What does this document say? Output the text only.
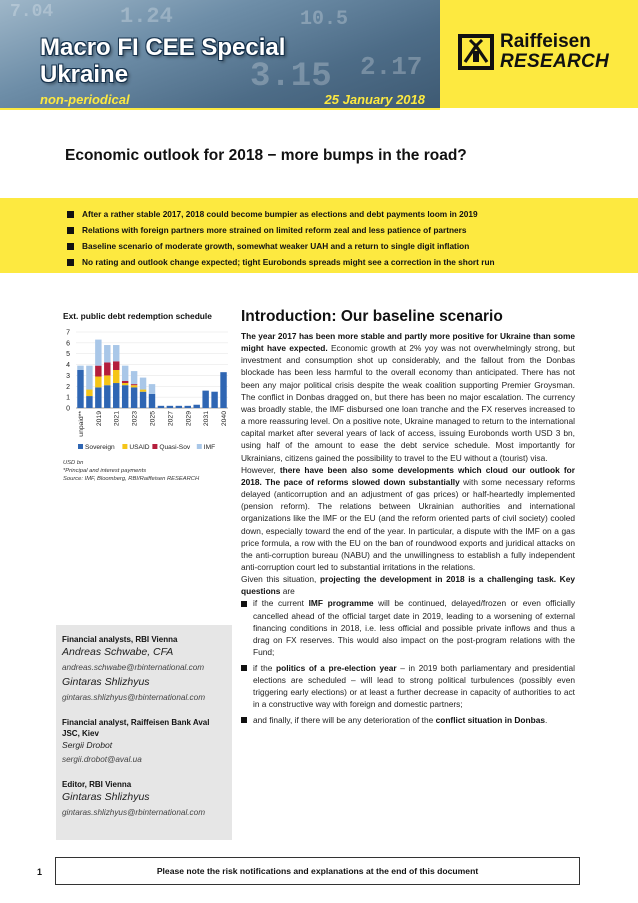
3.15
1.24	10.5
7.04
2.17
Macro FI CEE Special
Ukraine
non-periodical	25 January 2018
Raiffeisen
RESEARCH
Economic outlook for 2018 − more bumps in the road?
After a rather stable 2017, 2018 could become bumpier as elections and debt payments loom in 2019
Relations with foreign partners more strained on limited reform zeal and less patience of partners
Baseline scenario of moderate growth, somewhat weaker UAH and a return to single digit inflation
No rating and outlook change expected; tight Eurobonds spreads might see a correction in the short run
Ext. public debt redemption schedule
0
1
2
3
4
5
6
7
unpaid** 2019 2021 2023 2025 2027 2029 2031 2040
Sovereign USAID Quasi-Sov IMF
USD bn
*Principal and interest payments
Source: IMF, Bloomberg, RBI/Raiffeisen RESEARCH
Financial analysts, RBI Vienna
Andreas Schwabe, CFA
andreas.schwabe@rbinternational.com
Gintaras Shlizhyus
gintaras.shlizhyus@rbinternational.com
Financial analyst, Raiffeisen Bank Aval JSC, Kiev
Sergii Drobot
sergii.drobot@aval.ua
Editor, RBI Vienna
Gintaras Shlizhyus
gintaras.shlizhyus@rbinternational.com
Introduction: Our baseline scenario

The year 2017 has been more stable and partly more positive for Ukraine than some might have expected. Economic growth at 2% yoy was not overwhelmingly strong, but investment and consumption shot up considerably, and the fallout from the Donbas blockade has been less harmful to the overall economy than anticipated. There has not been any major political crisis despite the weak coalition supporting Premier Groysman. The conflict in Donbas dragged on, but there has been no major escalation. The currency was broadly stable, the IMF disbursed one loan tranche and the FX reserves increased to a more reassuring level. On a positive note, Ukraine managed to return to the international capital market after several years of lack of access, issuing Eurobonds worth USD 3 bn, using half of the amount to ease the debt service schedule. Most importantly for Ukrainians, citizens gained the possibility to travel to the EU without a (tourist) visa.

However, there have been also some developments which cloud our outlook for 2018. The pace of reforms slowed down substantially with some necessary reforms delayed (anticorruption and an adjustment of gas prices) or half-heartedly implemented (pension reform). The relations between Ukrainian authorities and international organizations like the IMF or the EU (and the reform oriented parts of civil society) cooled down, especially toward the end of the year. In particular, a dispute with the IMF on a gas price formula, a row with the EU on the ban of roundwood exports and juridical attacks on the anti-corruption bureau (NABU) and the unwillingness to establish a fully independent anti-corruption court led to substantial irritations in the relations.

Given this situation, projecting the development in 2018 is a challenging task. Key questions are

if the current IMF programme will be continued, delayed/frozen or even officially cancelled ahead of the official target date in 2019, leading to a worsening of external financing conditions in 2018, i.e. less official and possible private inflows and thus a drag on FX reserves. This would also impact on the post-program relations with the Fund;
if the politics of a pre-election year – in 2019 both parliamentary and presidential elections are scheduled – will lead to strong political turbulences (possibly even triggering early elections) or at least a further decrease in capacity of authorities to act in a constructive way with foreign and domestic partners;
and finally, if there will be any deterioration of the conflict situation in Donbas.
1	Please note the risk notifications and explanations at the end of this document
